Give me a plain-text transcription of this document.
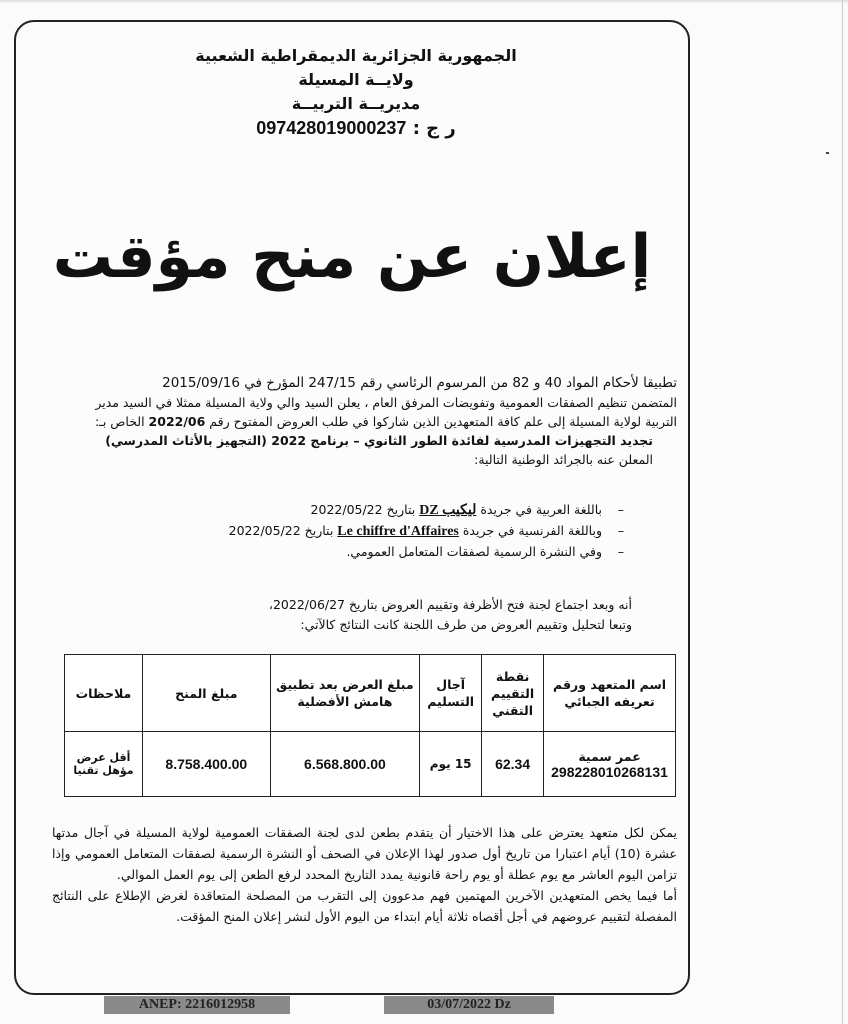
الجمهورية الجزائرية الديمقراطية الشعبية
ولايــة المسيلة
مديريــة التربيــة
ر ج : 097428019000237
إعلان عن منح مؤقت

تطبيقا لأحكام المواد 40 و 82 من المرسوم الرئاسي رقم 247/15 المؤرخ في 2015/09/16

المتضمن تنظيم الصفقات العمومية وتفويضات المرفق العام ، يعلن السيد والي ولاية المسيلة ممثلا في السيد مدير

التربية لولاية المسيلة إلى علم كافة المتعهدين الذين شاركوا في طلب العروض المفتوح رقم 2022/06 الخاص بـ:

تجديد التجهيزات المدرسية لفائدة الطور الثانوي – برنامج 2022 (التجهيز بالأثاث المدرسي)

المعلن عنه بالجرائد الوطنية التالية:

–
باللغة العربية في جريدة ليكيب DZ بتاريخ 2022/05/22
–
وباللغة الفرنسية في جريدة Le chiffre d'Affaires بتاريخ 2022/05/22
–
وفي النشرة الرسمية لصفقات المتعامل العمومي.
أنه وبعد اجتماع لجنة فتح الأظرفة وتقييم العروض بتاريخ 2022/06/27،
وتبعا لتحليل وتقييم العروض من طرف اللجنة كانت النتائج كالآتي:
اسم المتعهد ورقم تعريفه الجبائي	نقطة التقييم التقني	آجال التسليم	مبلغ العرض بعد تطبيق هامش الأفضلية	مبلغ المنح	ملاحظات

عمر سمية
298228010268131	62.34	15 يوم	6.568.800.00	8.758.400.00	أقل عرض مؤهل تقنيا

يمكن لكل متعهد يعترض على هذا الاختيار أن يتقدم بطعن لدى لجنة الصفقات العمومية لولاية المسيلة في آجال مدتها عشرة (10) أيام اعتبارا من تاريخ أول صدور لهذا الإعلان في الصحف أو النشرة الرسمية لصفقات المتعامل العمومي وإذا تزامن اليوم العاشر مع يوم عطلة أو يوم راحة قانونية يمدد التاريخ المحدد لرفع الطعن إلى يوم العمل الموالي.

أما فيما يخص المتعهدين الآخرين المهتمين فهم مدعوون إلى التقرب من المصلحة المتعاقدة لغرض الإطلاع على النتائج المفصلة لتقييم عروضهم في أجل أقصاه ثلاثة أيام ابتداء من اليوم الأول لنشر إعلان المنح المؤقت.

ANEP: 2216012958	03/07/2022 Dz
